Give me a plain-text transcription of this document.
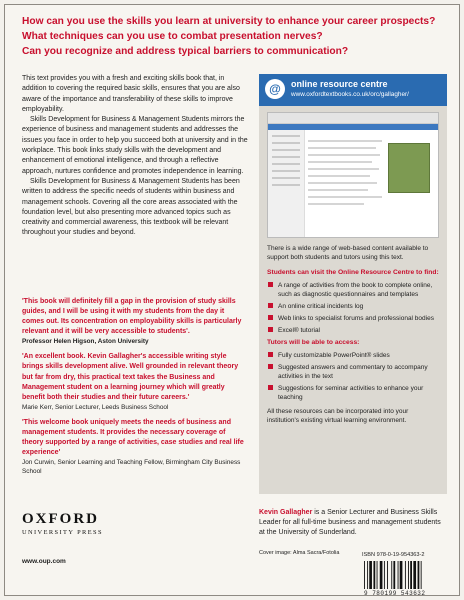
How can you use the skills you learn at university to enhance your career prospects?
What techniques can you use to combat presentation nerves?
Can you recognize and address typical barriers to communication?

This text provides you with a fresh and exciting skills book that, in addition to covering the required basic skills, ensures that you are also aware of the importance and transferability of these skills to improve employability.

Skills Development for Business & Management Students mirrors the experience of business and management students and addresses the issues you face in order to help you succeed both at university and in the workplace. This book links study skills with the development and enhancement of emotional intelligence, and through a reflective approach, nurtures confidence and promotes independence in learning.

Skills Development for Business & Management Students has been written to address the specific needs of students within business and management schools. Covering all the core areas associated with the foundation level, but also presenting more advanced topics such as creativity and commercial awareness, this textbook will be relevant throughout your studies and beyond.

'This book will definitely fill a gap in the provision of study skills guides, and I will be using it with my students from the day it comes out. Its concentration on employability skills is particularly relevant and it will be very accessible to students'.
Professor Helen Higson, Aston University
'An excellent book. Kevin Gallagher's accessible writing style brings skills development alive. Well grounded in relevant theory but far from dry, this practical text takes the Business and Management student on a learning journey which will greatly benefit both their studies and their future careers.'
Marie Kerr, Senior Lecturer, Leeds Business School
'This welcome book uniquely meets the needs of business and management students. It provides the necessary coverage of theory supported by a range of activities, case studies and real life experience'
Jon Curwin, Senior Learning and Teaching Fellow, Birmingham City Business School
OXFORD
UNIVERSITY PRESS
www.oup.com
@	online resource centre
www.oxfordtextbooks.co.uk/orc/gallagher/

There is a wide range of web-based content available to support both students and tutors using this text.

Students can visit the Online Resource Centre to find:
A range of activities from the book to complete online, such as diagnostic questionnaires and templates
An online critical incidents log
Web links to specialist forums and professional bodies
Excel® tutorial
Tutors will be able to access:
Fully customizable PowerPoint® slides
Suggested answers and commentary to accompany activities in the text
Suggestions for seminar activities to enhance your teaching
All these resources can be incorporated into your institution's existing virtual learning environment.
Kevin Gallagher is a Senior Lecturer and Business Skills Leader for all full-time business and management students at the University of Sunderland.
Cover image: Alma Sacra/Fotolia	ISBN 978-0-19-954363-2
9 780199 543632
